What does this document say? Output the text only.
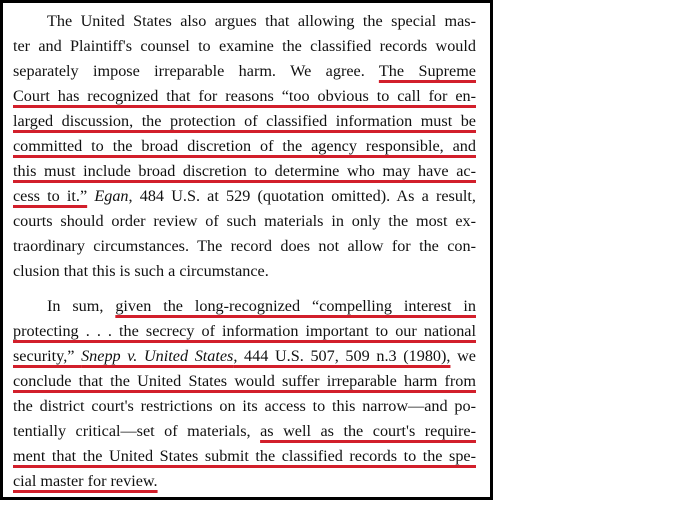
The United States also argues that allowing the special mas-
ter and Plaintiff's counsel to examine the classified records would
separately impose irreparable harm. We agree. The Supreme
Court has recognized that for reasons “too obvious to call for en-
larged discussion, the protection of classified information must be
committed to the broad discretion of the agency responsible, and
this must include broad discretion to determine who may have ac-
cess to it.” Egan, 484 U.S. at 529 (quotation omitted). As a result,
courts should order review of such materials in only the most ex-
traordinary circumstances. The record does not allow for the con-
clusion that this is such a circumstance.
In sum, given the long-recognized “compelling interest in
protecting . . . the secrecy of information important to our national
security,” Snepp v. United States, 444 U.S. 507, 509 n.3 (1980), we
conclude that the United States would suffer irreparable harm from
the district court's restrictions on its access to this narrow—and po-
tentially critical—set of materials, as well as the court's require-
ment that the United States submit the classified records to the spe-
cial master for review.
